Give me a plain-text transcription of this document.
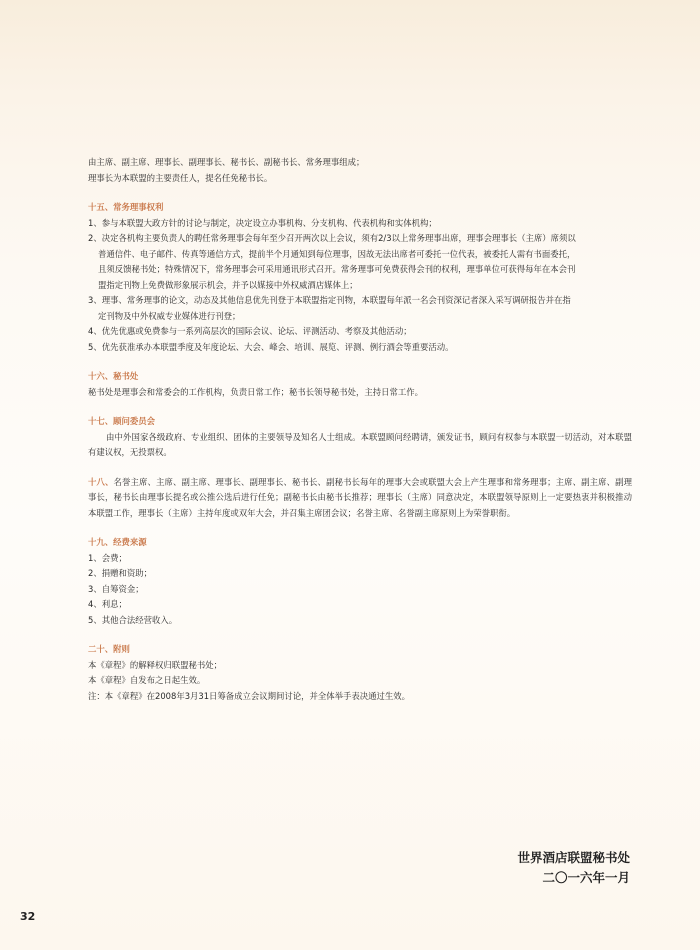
由主席、副主席、理事长、副理事长、秘书长、副秘书长、常务理事组成；
理事长为本联盟的主要责任人，提名任免秘书长。
十五、常务理事权利
1、参与本联盟大政方针的讨论与制定，决定设立办事机构、分支机构、代表机构和实体机构；
2、决定各机构主要负责人的聘任常务理事会每年至少召开两次以上会议，须有2/3以上常务理事出席，理事会理事长（主席）席须以
普通信件、电子邮件、传真等通信方式，提前半个月通知到每位理事，因故无法出席者可委托一位代表，被委托人需有书面委托，
且须反馈秘书处；特殊情况下，常务理事会可采用通讯形式召开。常务理事可免费获得会刊的权利，理事单位可获得每年在本会刊
盟指定刊物上免费做形象展示机会，并予以媒接中外权威酒店媒体上；
3、理事、常务理事的论文，动态及其他信息优先刊登于本联盟指定刊物，本联盟每年派一名会刊资深记者深入采写调研报告并在指
定刊物及中外权威专业媒体进行刊登；
4、优先优惠或免费参与一系列高层次的国际会议、论坛、评测活动、考察及其他活动；
5、优先获准承办本联盟季度及年度论坛、大会、峰会、培训、展览、评测、例行酒会等重要活动。
十六、秘书处
秘书处是理事会和常委会的工作机构，负责日常工作；秘书长领导秘书处，主持日常工作。
十七、顾问委员会
由中外国家各级政府、专业组织、团体的主要领导及知名人士组成。本联盟顾问经聘请，颁发证书，顾问有权参与本联盟一切活动，对本联盟有建议权，无投票权。
十八、名誉主席、主席、副主席、理事长、副理事长、秘书长、副秘书长每年的理事大会或联盟大会上产生理事和常务理事；主席、副主席、副理事长，秘书长由理事长提名或公推公选后进行任免；副秘书长由秘书长推荐；理事长（主席）同意决定，本联盟领导原则上一定要热衷并积极推动本联盟工作，理事长（主席）主持年度或双年大会，并召集主席团会议；名誉主席、名誉副主席原则上为荣誉职衔。
十九、经费来源
1、会费；
2、捐赠和资助；
3、自筹资金；
4、利息；
5、其他合法经营收入。
二十、附则
本《章程》的解释权归联盟秘书处；
本《章程》自发布之日起生效。
注：本《章程》在2008年3月31日筹备成立会议期间讨论，并全体举手表决通过生效。
世界酒店联盟秘书处
二〇一六年一月
32
